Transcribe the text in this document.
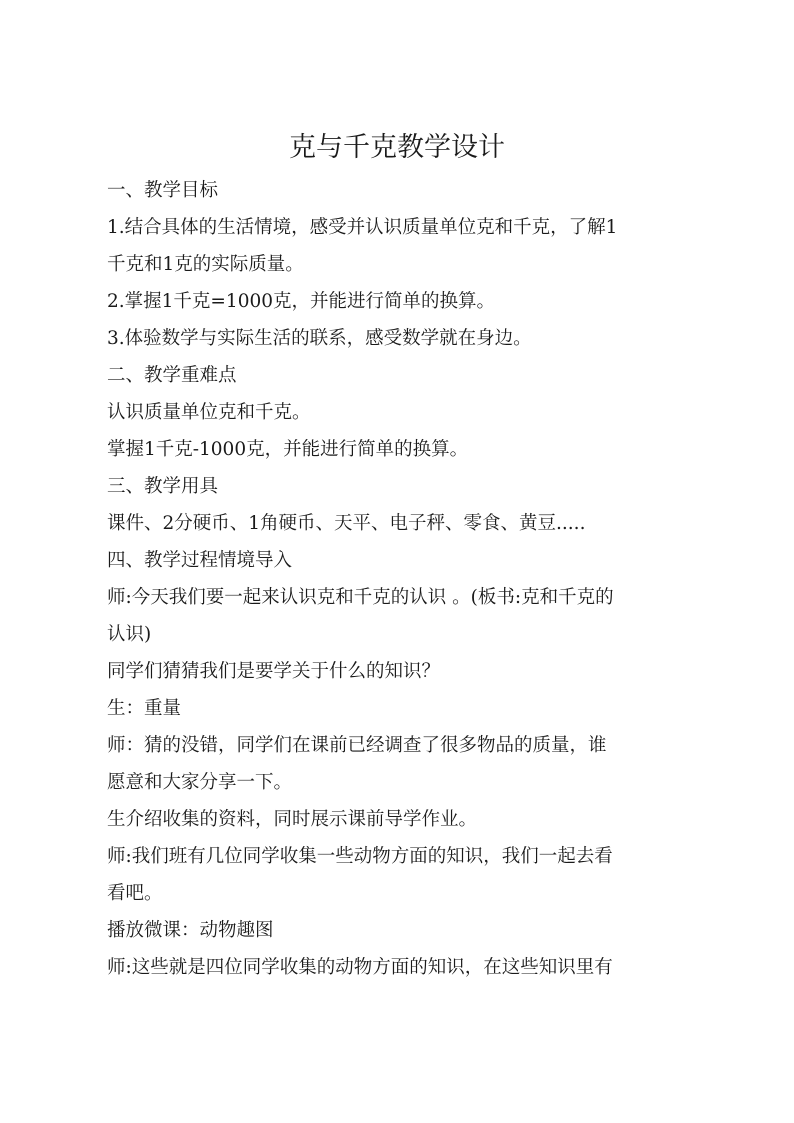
克与千克教学设计

一、教学目标

1.结合具体的生活情境，感受并认识质量单位克和千克，了解1

千克和1克的实际质量。

2.掌握1千克=1000克，并能进行简单的换算。

3.体验数学与实际生活的联系，感受数学就在身边。

二、教学重难点

认识质量单位克和千克。

掌握1千克-1000克，并能进行简单的换算。

三、教学用具

课件、2分硬币、1角硬币、天平、电子秤、零食、黄豆.....

四、教学过程情境导入

师:今天我们要一起来认识克和千克的认识 。(板书:克和千克的

认识)

同学们猜猜我们是要学关于什么的知识？

生：重量

师：猜的没错，同学们在课前已经调查了很多物品的质量，谁

愿意和大家分享一下。

生介绍收集的资料，同时展示课前导学作业。

师:我们班有几位同学收集一些动物方面的知识，我们一起去看

看吧。

播放微课：动物趣图

师:这些就是四位同学收集的动物方面的知识，在这些知识里有
